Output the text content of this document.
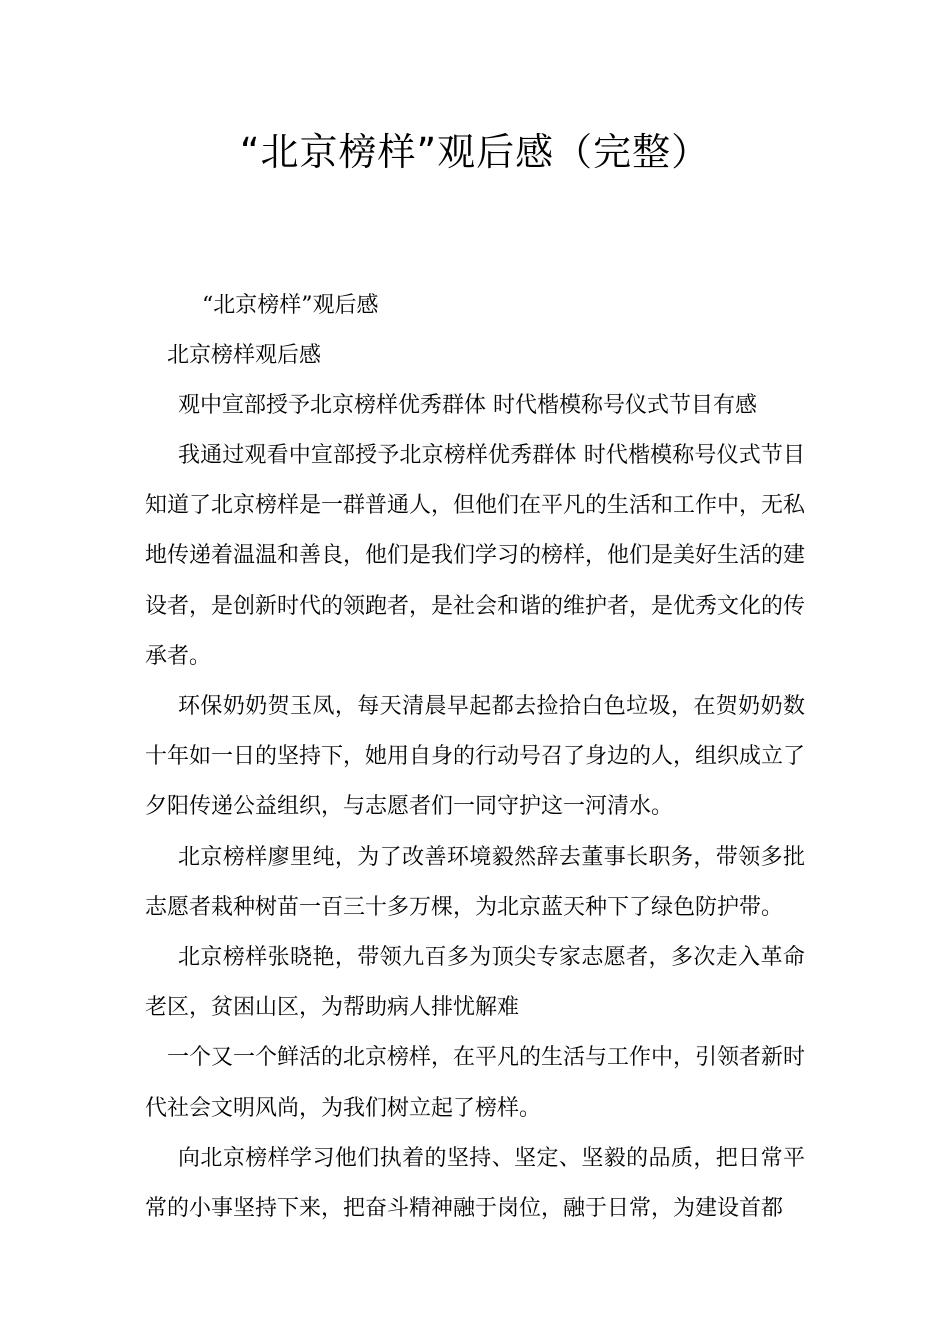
“北京榜样”观后感（完整）

“北京榜样”观后感

北京榜样观后感

观中宣部授予北京榜样优秀群体 时代楷模称号仪式节目有感

我通过观看中宣部授予北京榜样优秀群体 时代楷模称号仪式节目知道了北京榜样是一群普通人，但他们在平凡的生活和工作中，无私地传递着温温和善良，他们是我们学习的榜样，他们是美好生活的建设者，是创新时代的领跑者，是社会和谐的维护者，是优秀文化的传承者。

环保奶奶贺玉凤，每天清晨早起都去捡拾白色垃圾，在贺奶奶数十年如一日的坚持下，她用自身的行动号召了身边的人，组织成立了夕阳传递公益组织，与志愿者们一同守护这一河清水。

北京榜样廖里纯，为了改善环境毅然辞去董事长职务，带领多批志愿者栽种树苗一百三十多万棵，为北京蓝天种下了绿色防护带。

北京榜样张晓艳，带领九百多为顶尖专家志愿者，多次走入革命老区，贫困山区，为帮助病人排忧解难

一个又一个鲜活的北京榜样，在平凡的生活与工作中，引领者新时代社会文明风尚，为我们树立起了榜样。

向北京榜样学习他们执着的坚持、坚定、坚毅的品质，把日常平常的小事坚持下来，把奋斗精神融于岗位，融于日常，为建设首都
